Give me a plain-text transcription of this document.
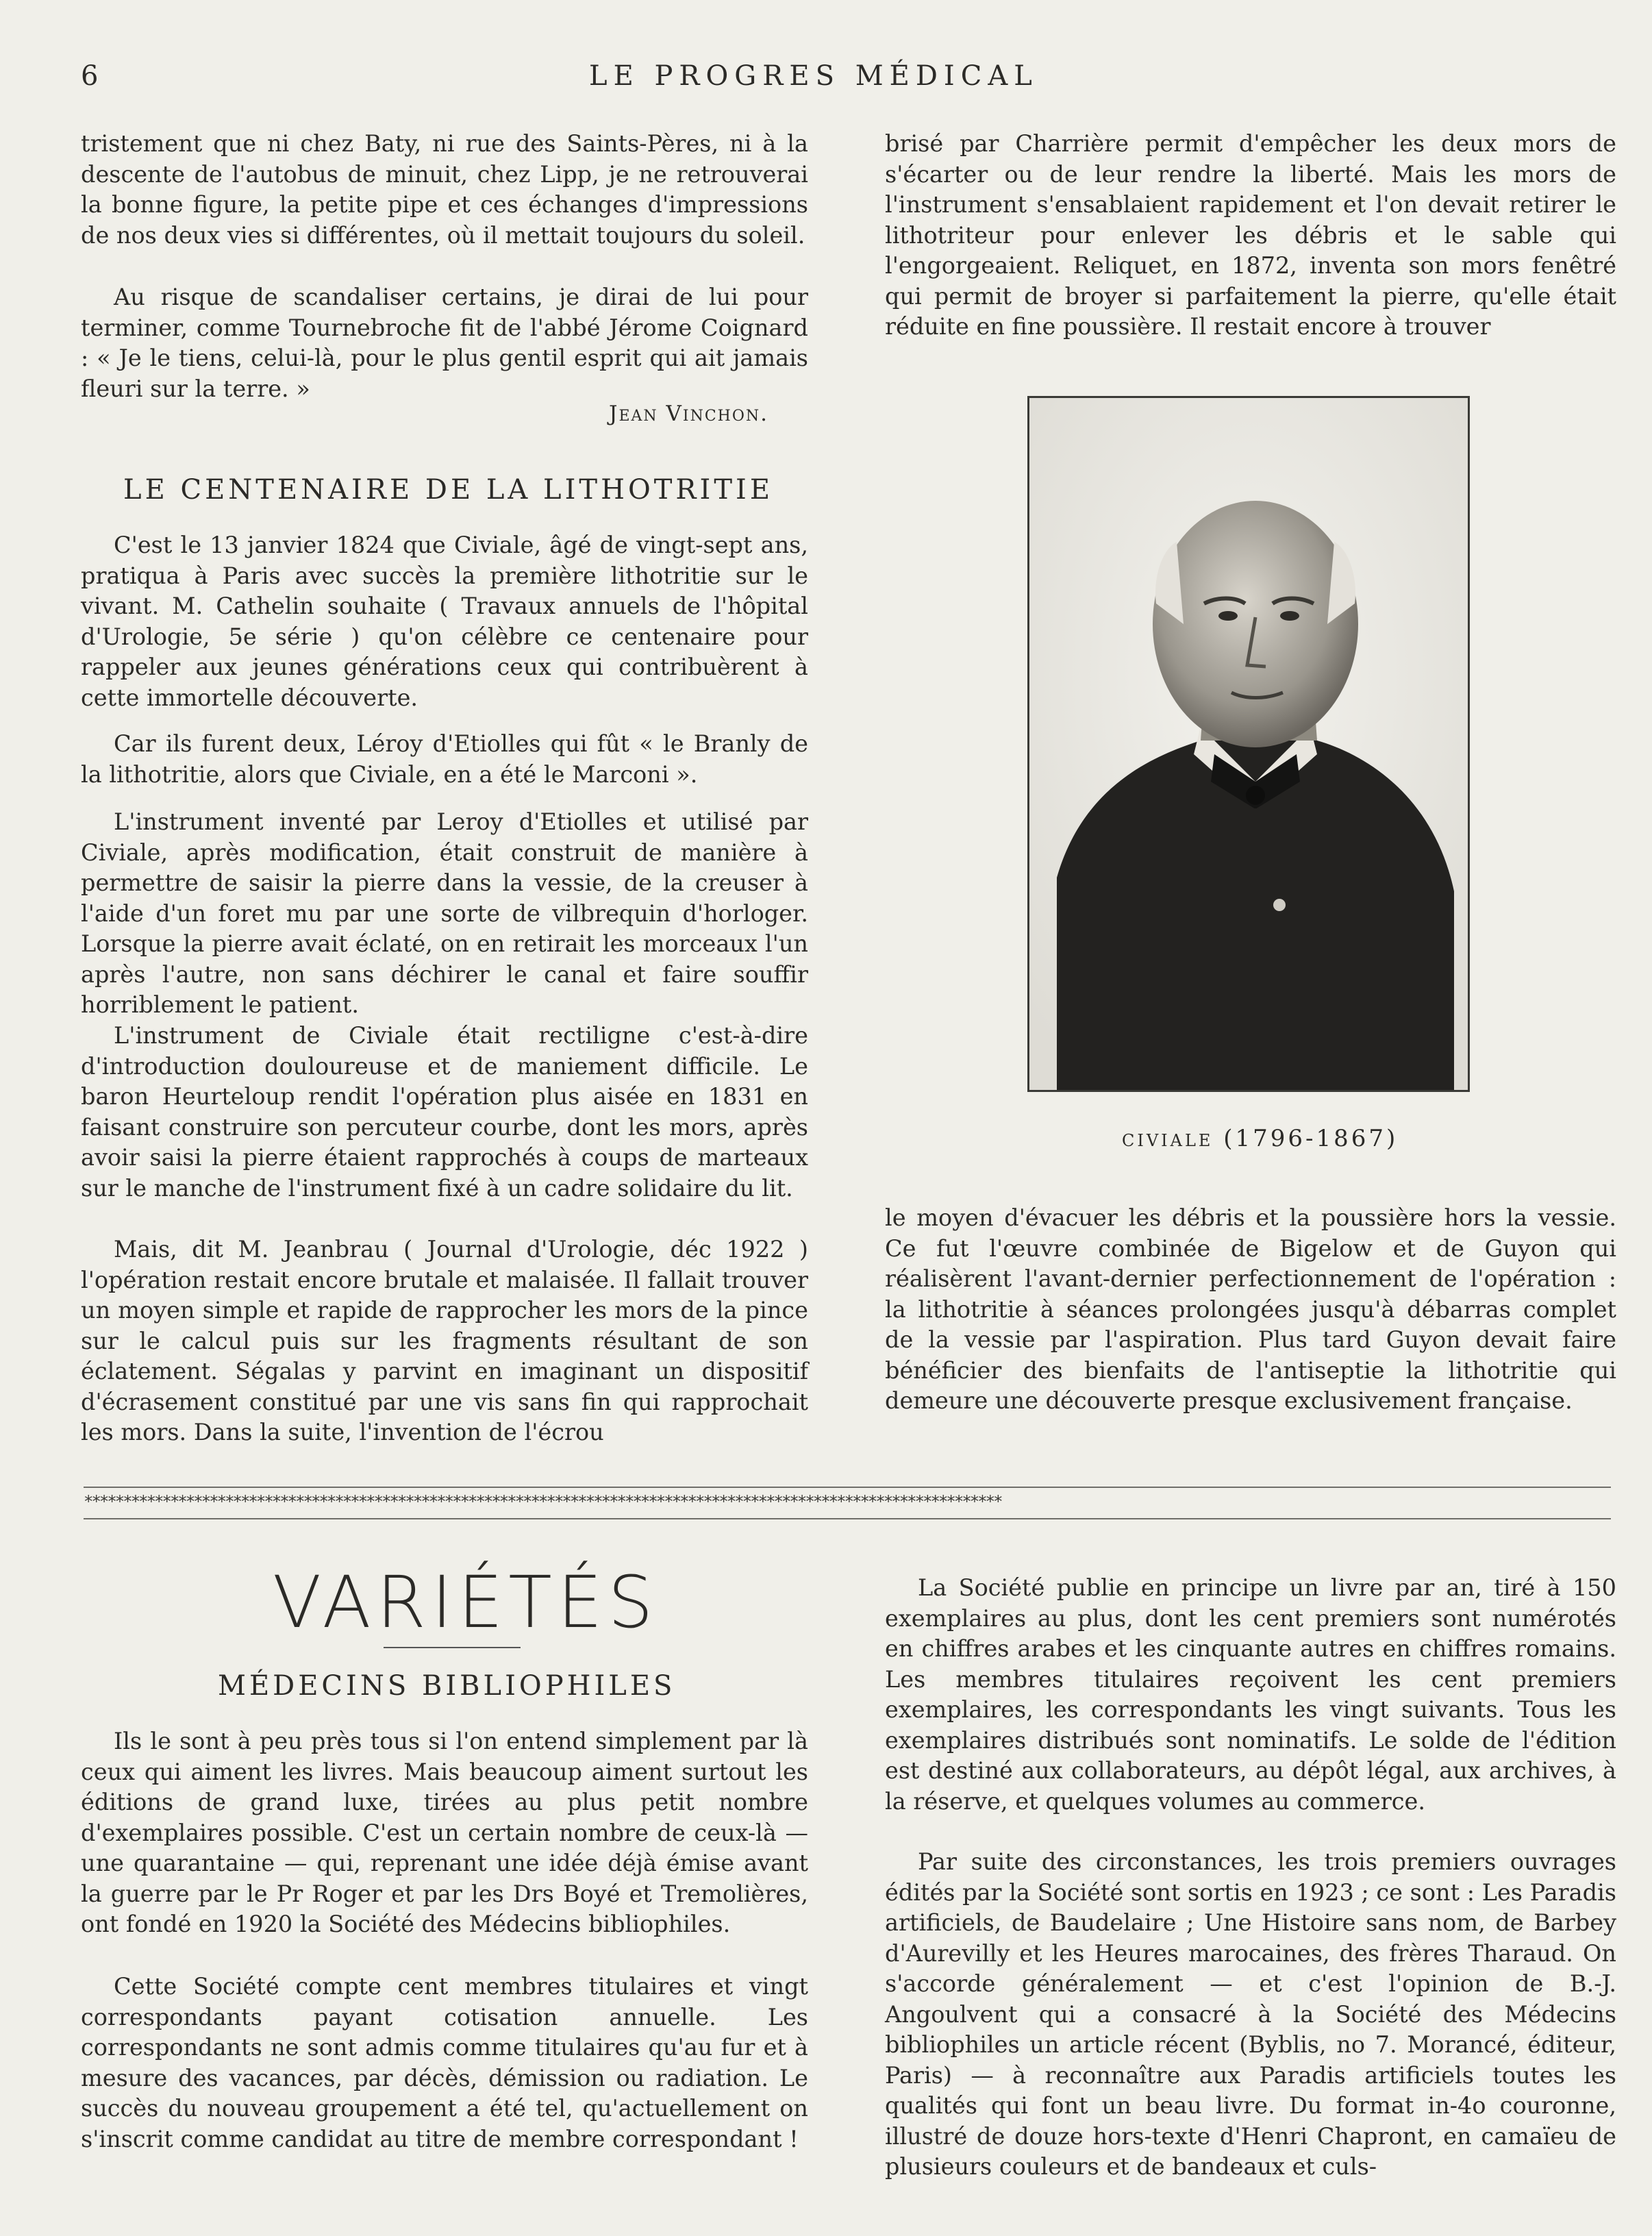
6	LE PROGRES MÉDICAL

tristement que ni chez Baty, ni rue des Saints-Pères, ni à la descente de l'autobus de minuit, chez Lipp, je ne retrouverai la bonne figure, la petite pipe et ces échanges d'impressions de nos deux vies si différentes, où il mettait toujours du soleil.

Au risque de scandaliser certains, je dirai de lui pour terminer, comme Tournebroche fit de l'abbé Jérome Coignard : « Je le tiens, celui-là, pour le plus gentil esprit qui ait jamais fleuri sur la terre. »

Jean Vinchon.
LE CENTENAIRE DE LA LITHOTRITIE

C'est le 13 janvier 1824 que Civiale, âgé de vingt-sept ans, pratiqua à Paris avec succès la première lithotritie sur le vivant. M. Cathelin souhaite ( Travaux annuels de l'hôpital d'Urologie, 5e série ) qu'on célèbre ce centenaire pour rappeler aux jeunes générations ceux qui contribuèrent à cette immortelle découverte.

Car ils furent deux, Léroy d'Etiolles qui fût « le Branly de la lithotritie, alors que Civiale, en a été le Marconi ».

L'instrument inventé par Leroy d'Etiolles et utilisé par Civiale, après modification, était construit de manière à permettre de saisir la pierre dans la vessie, de la creuser à l'aide d'un foret mu par une sorte de vilbrequin d'horloger. Lorsque la pierre avait éclaté, on en retirait les morceaux l'un après l'autre, non sans déchirer le canal et faire souffir horriblement le patient.

L'instrument de Civiale était rectiligne c'est-à-dire d'introduction douloureuse et de maniement difficile. Le baron Heurteloup rendit l'opération plus aisée en 1831 en faisant construire son percuteur courbe, dont les mors, après avoir saisi la pierre étaient rapprochés à coups de marteaux sur le manche de l'instrument fixé à un cadre solidaire du lit.

Mais, dit M. Jeanbrau ( Journal d'Urologie, déc 1922 ) l'opération restait encore brutale et malaisée. Il fallait trouver un moyen simple et rapide de rapprocher les mors de la pince sur le calcul puis sur les fragments résultant de son éclatement. Ségalas y parvint en imaginant un dispositif d'écrasement constitué par une vis sans fin qui rapprochait les mors. Dans la suite, l'invention de l'écrou

brisé par Charrière permit d'empêcher les deux mors de s'écarter ou de leur rendre la liberté. Mais les mors de l'instrument s'ensablaient rapidement et l'on devait retirer le lithotriteur pour enlever les débris et le sable qui l'engorgeaient. Reliquet, en 1872, inventa son mors fenêtré qui permit de broyer si parfaitement la pierre, qu'elle était réduite en fine poussière. Il restait encore à trouver

civiale (1796-1867)

le moyen d'évacuer les débris et la poussière hors la vessie. Ce fut l'œuvre combinée de Bigelow et de Guyon qui réalisèrent l'avant-dernier perfectionnement de l'opération : la lithotritie à séances prolongées jusqu'à débarras complet de la vessie par l'aspiration. Plus tard Guyon devait faire bénéficier des bienfaits de l'antiseptie la lithotritie qui demeure une découverte presque exclusivement française.

*********************************************************************************************************************
VARIÉTÉS
MÉDECINS BIBLIOPHILES

Ils le sont à peu près tous si l'on entend simplement par là ceux qui aiment les livres. Mais beaucoup aiment surtout les éditions de grand luxe, tirées au plus petit nombre d'exemplaires possible. C'est un certain nombre de ceux-là — une quarantaine — qui, reprenant une idée déjà émise avant la guerre par le Pr Roger et par les Drs Boyé et Tremolières, ont fondé en 1920 la Société des Médecins bibliophiles.

Cette Société compte cent membres titulaires et vingt correspondants payant cotisation annuelle. Les correspondants ne sont admis comme titulaires qu'au fur et à mesure des vacances, par décès, démission ou radiation. Le succès du nouveau groupement a été tel, qu'actuellement on s'inscrit comme candidat au titre de membre correspondant !

La Société publie en principe un livre par an, tiré à 150 exemplaires au plus, dont les cent premiers sont numérotés en chiffres arabes et les cinquante autres en chiffres romains. Les membres titulaires reçoivent les cent premiers exemplaires, les correspondants les vingt suivants. Tous les exemplaires distribués sont nominatifs. Le solde de l'édition est destiné aux collaborateurs, au dépôt légal, aux archives, à la réserve, et quelques volumes au commerce.

Par suite des circonstances, les trois premiers ouvrages édités par la Société sont sortis en 1923 ; ce sont : Les Paradis artificiels, de Baudelaire ; Une Histoire sans nom, de Barbey d'Aurevilly et les Heures marocaines, des frères Tharaud. On s'accorde généralement — et c'est l'opinion de B.-J. Angoulvent qui a consacré à la Société des Médecins bibliophiles un article récent (Byblis, no 7. Morancé, éditeur, Paris) — à reconnaître aux Paradis artificiels toutes les qualités qui font un beau livre. Du format in-4o couronne, illustré de douze hors-texte d'Henri Chapront, en camaïeu de plusieurs couleurs et de bandeaux et culs-
